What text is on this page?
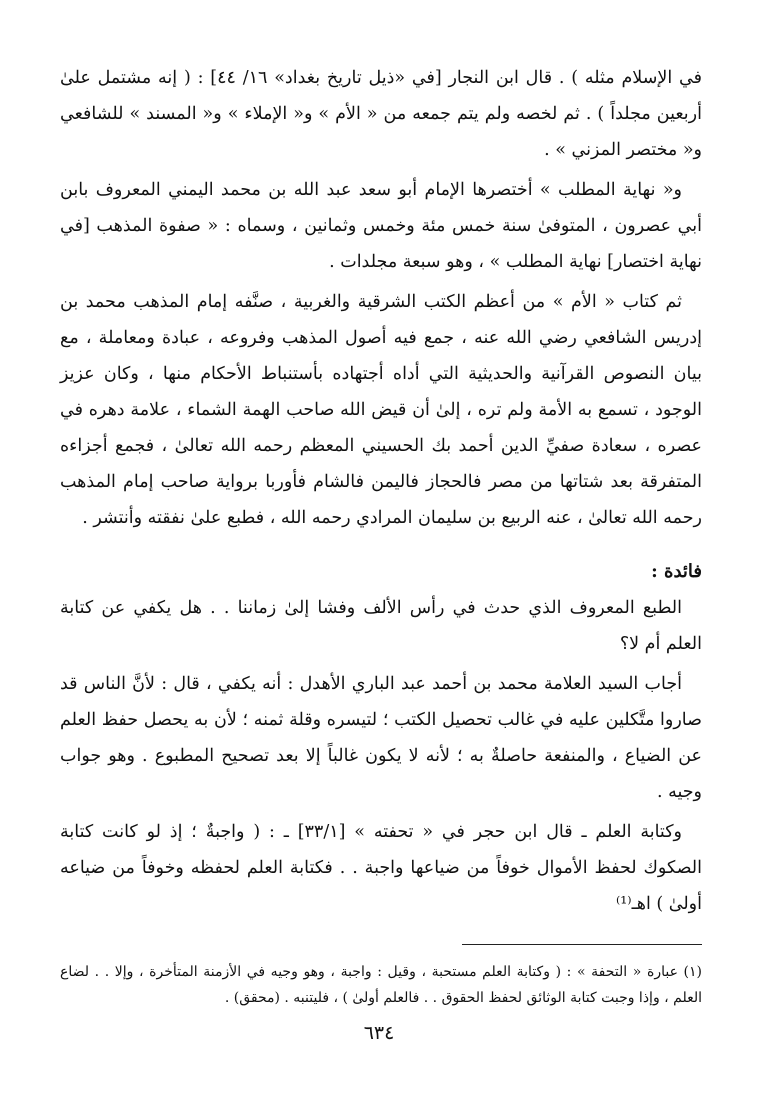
في الإسلام مثله ) . قال ابن النجار [في «ذيل تاريخ بغداد» ١٦/ ٤٤] : ( إنه مشتمل علىٰ أربعين مجلداً ) . ثم لخصه ولم يتم جمعه من « الأم » و« الإملاء » و« المسند » للشافعي و« مختصر المزني » .

و« نهاية المطلب » أختصرها الإمام أبو سعد عبد الله بن محمد اليمني المعروف بابن أبي عصرون ، المتوفىٰ سنة خمس مئة وخمس وثمانين ، وسماه : « صفوة المذهب [في نهاية اختصار] نهاية المطلب » ، وهو سبعة مجلدات .

ثم كتاب « الأم » من أعظم الكتب الشرقية والغربية ، صنَّفه إمام المذهب محمد بن إدريس الشافعي رضي الله عنه ، جمع فيه أصول المذهب وفروعه ، عبادة ومعاملة ، مع بيان النصوص القرآنية والحديثية التي أداه أجتهاده بأستنباط الأحكام منها ، وكان عزيز الوجود ، تسمع به الأمة ولم تره ، إلىٰ أن قيض الله صاحب الهمة الشماء ، علامة دهره في عصره ، سعادة صفيِّ الدين أحمد بك الحسيني المعظم رحمه الله تعالىٰ ، فجمع أجزاءه المتفرقة بعد شتاتها من مصر فالحجاز فاليمن فالشام فأوربا برواية صاحب إمام المذهب رحمه الله تعالىٰ ، عنه الربيع بن سليمان المرادي رحمه الله ، فطبع علىٰ نفقته وأنتشر .

فائدة :

الطبع المعروف الذي حدث في رأس الألف وفشا إلىٰ زماننا . . هل يكفي عن كتابة العلم أم لا؟

أجاب السيد العلامة محمد بن أحمد عبد الباري الأهدل : أنه يكفي ، قال : لأنَّ الناس قد صاروا متَّكلين عليه في غالب تحصيل الكتب ؛ لتيسره وقلة ثمنه ؛ لأن به يحصل حفظ العلم عن الضياع ، والمنفعة حاصلةٌ به ؛ لأنه لا يكون غالباً إلا بعد تصحيح المطبوع . وهو جواب وجيه .

وكتابة العلم ـ قال ابن حجر في « تحفته » [٣٣/١] ـ : ( واجبةٌ ؛ إذ لو كانت كتابة الصكوك لحفظ الأموال خوفاً من ضياعها واجبة . . فكتابة العلم لحفظه وخوفاً من ضياعه أولىٰ ) اهـ⁽¹⁾

(١) عبارة « التحفة » : ( وكتابة العلم مستحبة ، وقيل : واجبة ، وهو وجيه في الأزمنة المتأخرة ، وإلا . . لضاع العلم ، وإذا وجبت كتابة الوثائق لحفظ الحقوق . . فالعلم أولىٰ ) ، فليتنبه . (محقق) .

٦٣٤
